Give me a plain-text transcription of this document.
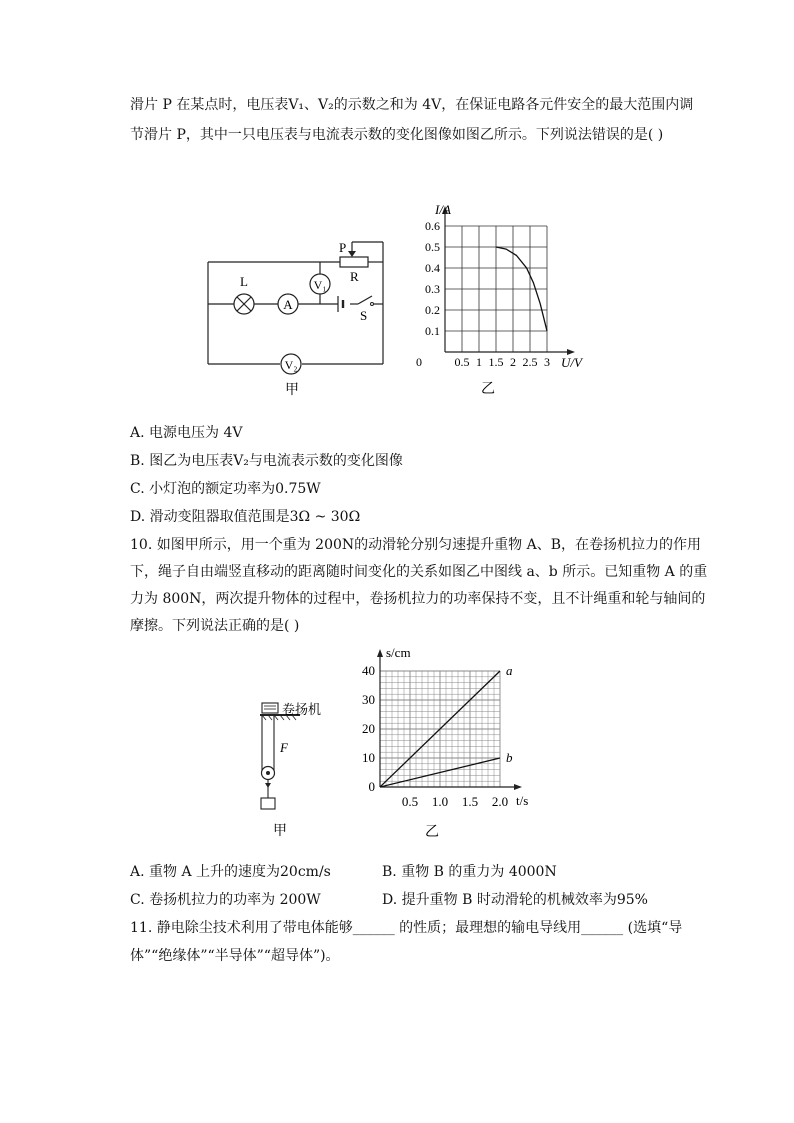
滑片 P 在某点时，电压表V₁、V₂的示数之和为 4V，在保证电路各元件安全的最大范围内调
节滑片 P，其中一只电压表与电流表示数的变化图像如图乙所示。下列说法错误的是( )
A
V₁
V₂
L
P
R
S
甲
0.1
0.2
0.3
0.4
0.5
0.6
0	0.5 1 1.5 2 2.5 3
I/A
U/V
乙
A. 电源电压为 4V
B. 图乙为电压表V₂与电流表示数的变化图像
C. 小灯泡的额定功率为0.75W
D. 滑动变阻器取值范围是3Ω ~ 30Ω
10. 如图甲所示，用一个重为 200N的动滑轮分别匀速提升重物 A、B，在卷扬机拉力的作用
下，绳子自由端竖直移动的距离随时间变化的关系如图乙中图线 a、b 所示。已知重物 A 的重
力为 800N，两次提升物体的过程中，卷扬机拉力的功率保持不变，且不计绳重和轮与轴间的
摩擦。下列说法正确的是( )
卷扬机
F
甲
0
10
20
30
40
0.5 1.0 1.5 2.0
s/cm
t/s
a
b
乙
A. 重物 A 上升的速度为20cm/s	B. 重物 B 的重力为 4000N
C. 卷扬机拉力的功率为 200W	D. 提升重物 B 时动滑轮的机械效率为95%
11. 静电除尘技术利用了带电体能够______ 的性质；最理想的输电导线用______ (选填“导
体”“绝缘体”“半导体”“超导体”)。
